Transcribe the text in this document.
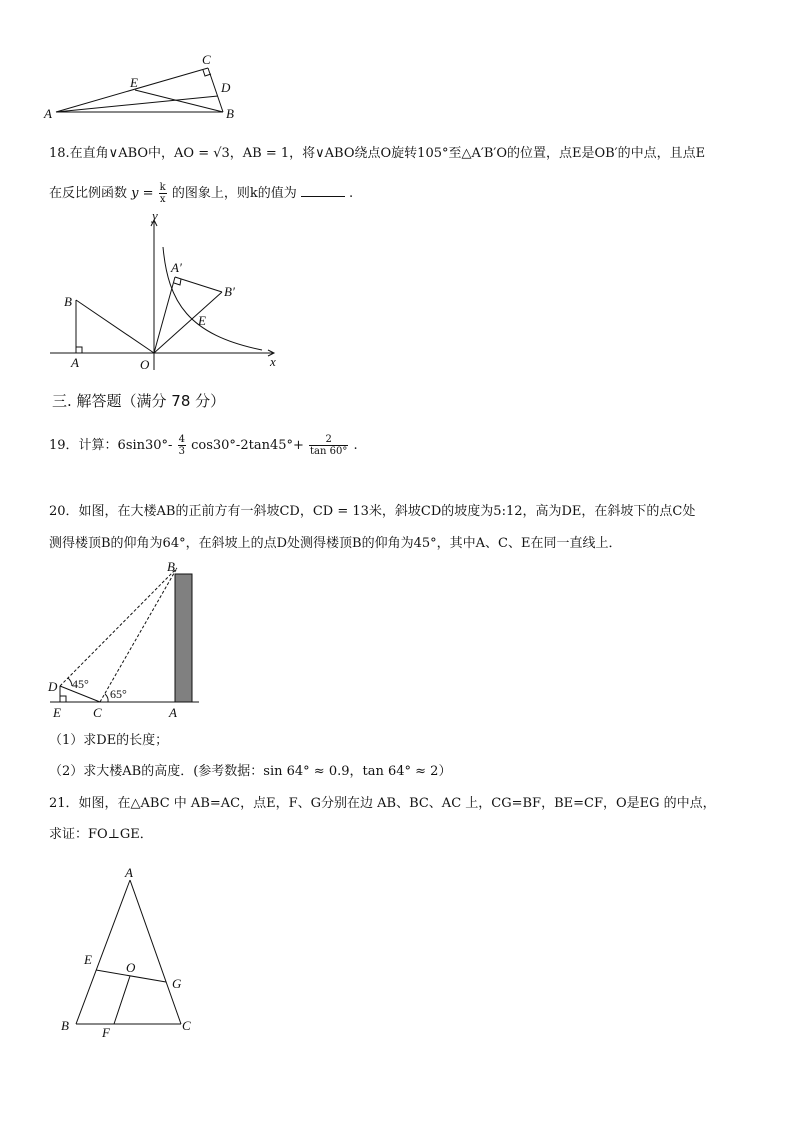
A	B
C
D
E
18.在直角∨ABO中，AO = √3，AB = 1，将∨ABO绕点O旋转105°至△A′B′O的位置，点E是OB′的中点，且点E
在反比例函数 $y = \frac{k}{x}$ 的图象上，则k的值为	.
y
x
O
A
B
A′
B′
E
三. 解答题（满分 78 分）
19．计算：$6\sin 30^\circ- \frac{4}{3} \cos 30^\circ-2\tan 45^\circ+ \frac{2}{\tan 60^\circ}$ .
20．如图，在大楼AB的正前方有一斜坡CD，CD = 13米，斜坡CD的坡度为5:12，高为DE，在斜坡下的点C处
测得楼顶B的仰角为64°，在斜坡上的点D处测得楼顶B的仰角为45°，其中A、C、E在同一直线上．
B
D
E C	A
45°
65°
（1）求DE的长度；
（2）求大楼AB的高度．(参考数据：sin 64° ≈ 0.9，tan 64° ≈ 2）
21．如图，在△ABC 中 AB=AC，点E，F、G分别在边 AB、BC、AC 上，CG=BF，BE=CF，O是EG 的中点，
求证：FO⊥GE．
A
B	C
E
F
G
O
